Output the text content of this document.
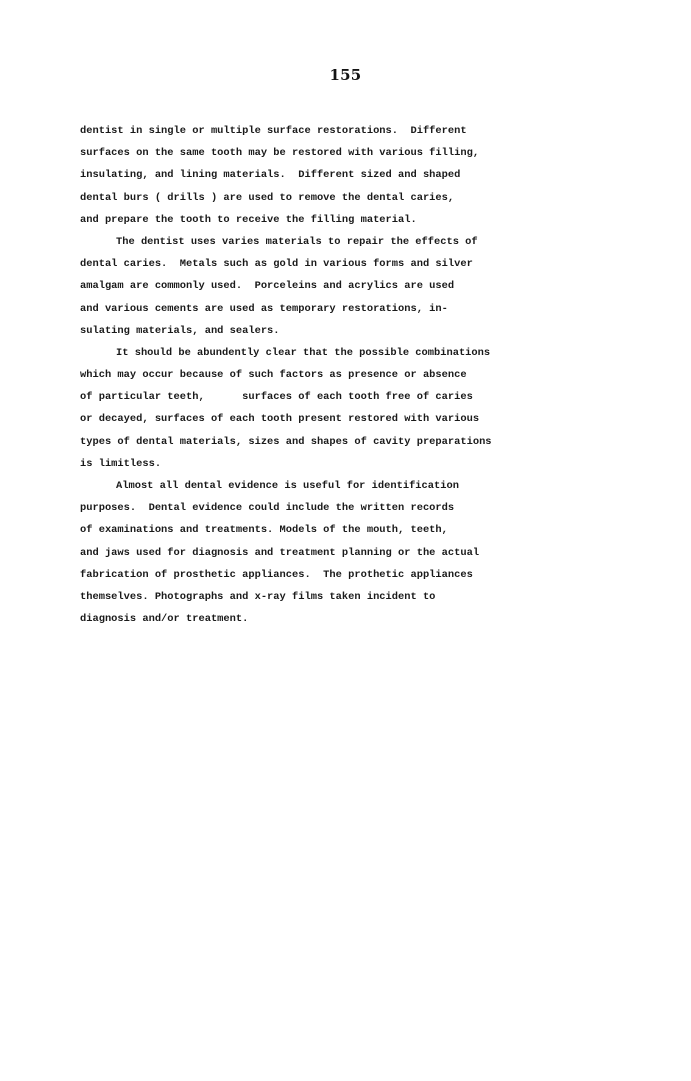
155
dentist in single or multiple surface restorations.  Different
surfaces on the same tooth may be restored with various filling,
insulating, and lining materials.  Different sized and shaped
dental burs ( drills ) are used to remove the dental caries,
and prepare the tooth to receive the filling material.
The dentist uses varies materials to repair the effects of
dental caries.  Metals such as gold in various forms and silver
amalgam are commonly used.  Porceleins and acrylics are used
and various cements are used as temporary restorations, in-
sulating materials, and sealers.
It should be abundently clear that the possible combinations
which may occur because of such factors as presence or absence
of particular teeth,      surfaces of each tooth free of caries
or decayed, surfaces of each tooth present restored with various
types of dental materials, sizes and shapes of cavity preparations
is limitless.
Almost all dental evidence is useful for identification
purposes.  Dental evidence could include the written records
of examinations and treatments. Models of the mouth, teeth,
and jaws used for diagnosis and treatment planning or the actual
fabrication of prosthetic appliances.  The prothetic appliances
themselves. Photographs and x-ray films taken incident to
diagnosis and/or treatment.
